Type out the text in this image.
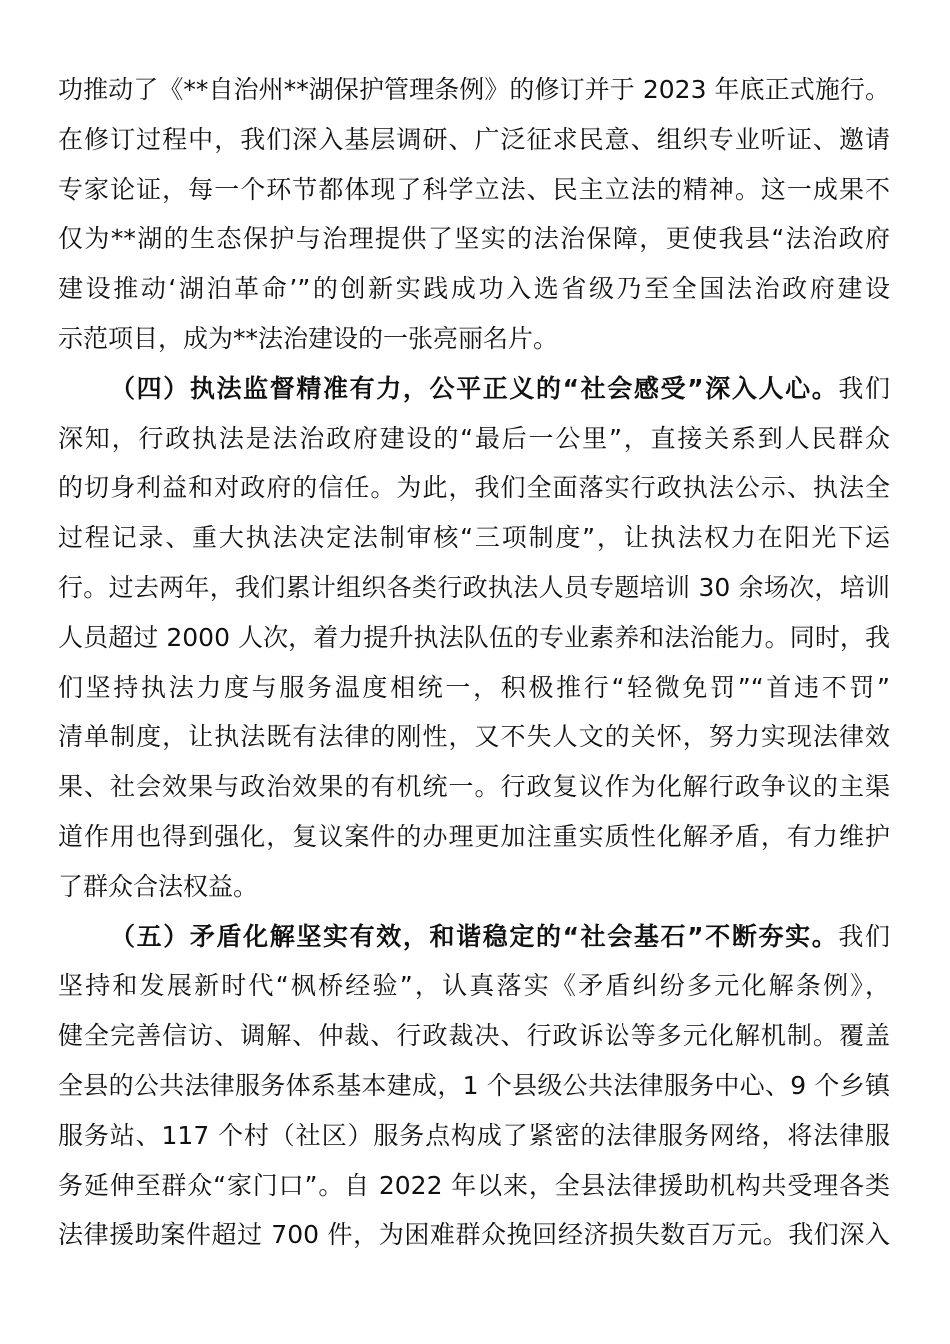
功推动了《**自治州**湖保护管理条例》的修订并于 2023 年底正式施行。
在修订过程中，我们深入基层调研、广泛征求民意、组织专业听证、邀请
专家论证，每一个环节都体现了科学立法、民主立法的精神。这一成果不
仅为**湖的生态保护与治理提供了坚实的法治保障，更使我县“法治政府
建设推动‘湖泊革命’”的创新实践成功入选省级乃至全国法治政府建设
示范项目，成为**法治建设的一张亮丽名片。
（四）执法监督精准有力，公平正义的“社会感受”深入人心。我们
深知，行政执法是法治政府建设的“最后一公里”，直接关系到人民群众
的切身利益和对政府的信任。为此，我们全面落实行政执法公示、执法全
过程记录、重大执法决定法制审核“三项制度”，让执法权力在阳光下运
行。过去两年，我们累计组织各类行政执法人员专题培训 30 余场次，培训
人员超过 2000 人次，着力提升执法队伍的专业素养和法治能力。同时，我
们坚持执法力度与服务温度相统一，积极推行“轻微免罚”“首违不罚”
清单制度，让执法既有法律的刚性，又不失人文的关怀，努力实现法律效
果、社会效果与政治效果的有机统一。行政复议作为化解行政争议的主渠
道作用也得到强化，复议案件的办理更加注重实质性化解矛盾，有力维护
了群众合法权益。
（五）矛盾化解坚实有效，和谐稳定的“社会基石”不断夯实。我们
坚持和发展新时代“枫桥经验”，认真落实《矛盾纠纷多元化解条例》，
健全完善信访、调解、仲裁、行政裁决、行政诉讼等多元化解机制。覆盖
全县的公共法律服务体系基本建成，1 个县级公共法律服务中心、9 个乡镇
服务站、117 个村（社区）服务点构成了紧密的法律服务网络，将法律服
务延伸至群众“家门口”。自 2022 年以来，全县法律援助机构共受理各类
法律援助案件超过 700 件，为困难群众挽回经济损失数百万元。我们深入
